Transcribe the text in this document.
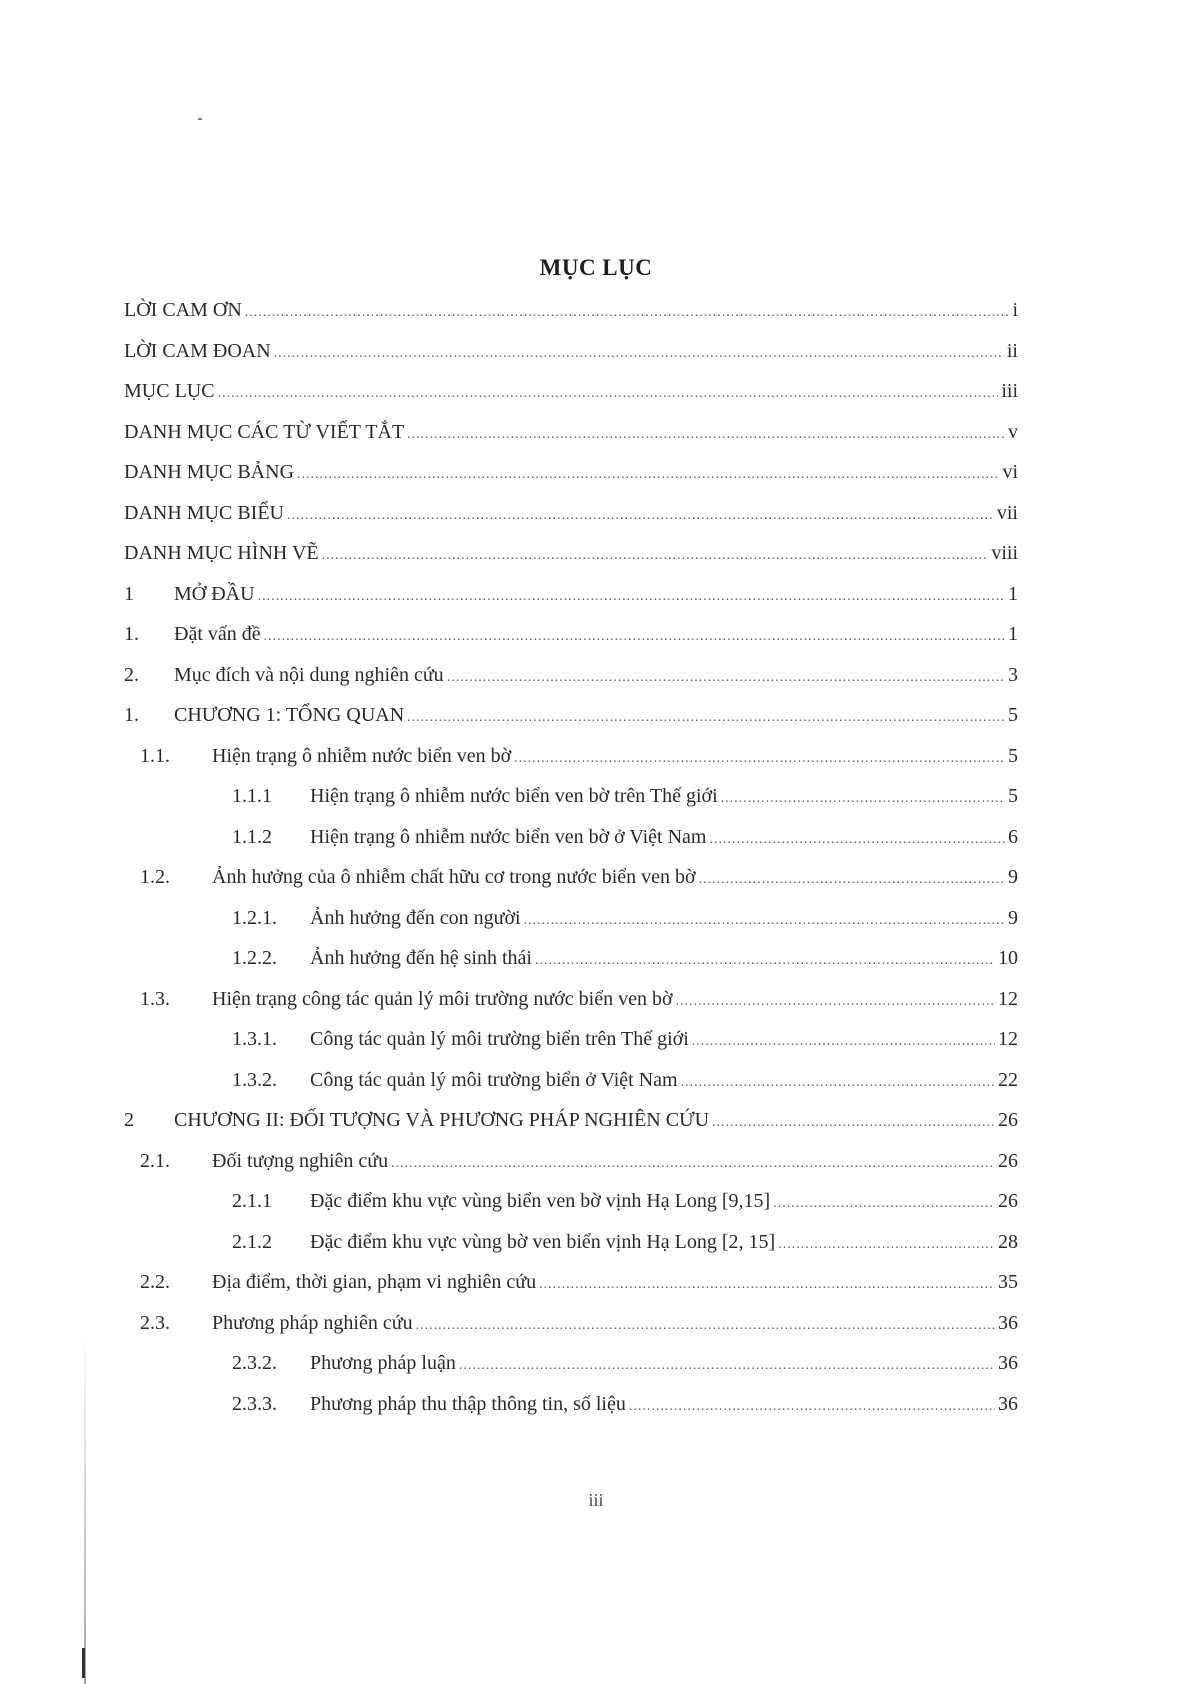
MỤC LỤC
LỜI CAM ƠN .....	i
LỜI CAM ĐOAN .....	ii
MỤC LỤC .....	iii
DANH MỤC CÁC TỪ VIẾT TẮT .....	v
DANH MỤC BẢNG .....	vi
DANH MỤC BIỂU .....	vii
DANH MỤC HÌNH VẼ .....	viii
1	MỞ ĐẦU .....	1
1.	Đặt vấn đề .....	1
2.	Mục đích và nội dung nghiên cứu .....	3
1.	CHƯƠNG 1: TỔNG QUAN .....	5
1.1.	Hiện trạng ô nhiễm nước biển ven bờ .....	5
1.1.1	Hiện trạng ô nhiễm nước biển ven bờ trên Thế giới .....	5
1.1.2	Hiện trạng ô nhiễm nước biển ven bờ ở Việt Nam .....	6
1.2.	Ảnh hưởng của ô nhiễm chất hữu cơ trong nước biển ven bờ .....	9
1.2.1.	Ảnh hưởng đến con người .....	9
1.2.2.	Ảnh hưởng đến hệ sinh thái .....	10
1.3.	Hiện trạng công tác quản lý môi trường nước biển ven bờ .....	12
1.3.1.	Công tác quản lý môi trường biển trên Thế giới .....	12
1.3.2.	Công tác quản lý môi trường biển ở Việt Nam .....	22
2	CHƯƠNG II: ĐỐI TƯỢNG VÀ PHƯƠNG PHÁP NGHIÊN CỨU .....	26
2.1.	Đối tượng nghiên cứu .....	26
2.1.1	Đặc điểm khu vực vùng biển ven bờ vịnh Hạ Long [9,15] .....	26
2.1.2	Đặc điểm khu vực vùng bờ ven biển vịnh Hạ Long [2, 15] .....	28
2.2.	Địa điểm, thời gian, phạm vi nghiên cứu .....	35
2.3.	Phương pháp nghiên cứu .....	36
2.3.2.	Phương pháp luận .....	36
2.3.3.	Phương pháp thu thập thông tin, số liệu .....	36
iii
